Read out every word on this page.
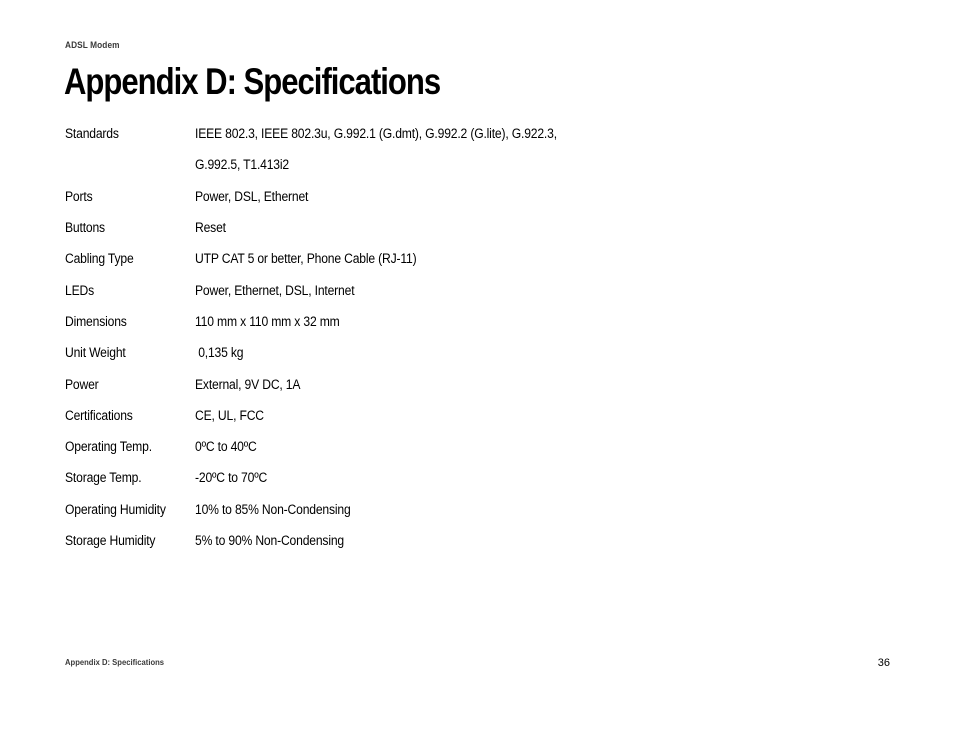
ADSL Modem
Appendix D: Specifications
Standards	IEEE 802.3, IEEE 802.3u, G.992.1 (G.dmt), G.992.2 (G.lite), G.922.3,
G.992.5, T1.413i2
Ports	Power, DSL, Ethernet
Buttons	Reset
Cabling Type	UTP CAT 5 or better, Phone Cable (RJ-11)
LEDs	Power, Ethernet, DSL, Internet
Dimensions	110 mm x 110 mm x 32 mm
Unit Weight	0,135 kg
Power	External, 9V DC, 1A
Certifications	CE, UL, FCC
Operating Temp.	0ºC to 40ºC
Storage Temp.	-20ºC to 70ºC
Operating Humidity	10% to 85% Non-Condensing
Storage Humidity	5% to 90% Non-Condensing
Appendix D: Specifications	36
